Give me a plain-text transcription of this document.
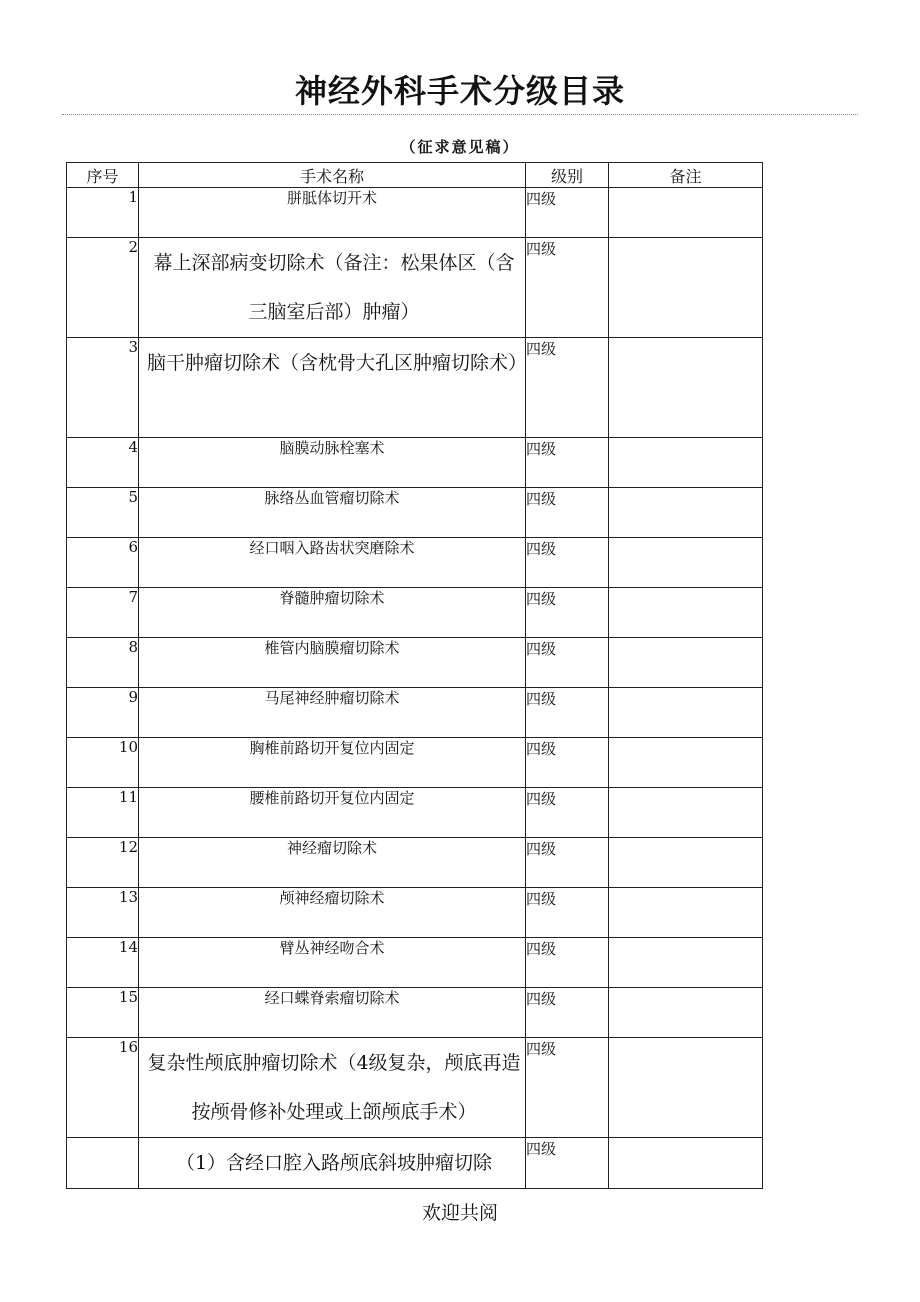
神经外科手术分级目录
（征求意见稿）
序号	手术名称	级别	备注
1	胼胝体切开术	四级	
2	幕上深部病变切除术（备注：松果体区（含三脑室后部）肿瘤）	四级	
3	脑干肿瘤切除术（含枕骨大孔区肿瘤切除术）	四级	
4	脑膜动脉栓塞术	四级	
5	脉络丛血管瘤切除术	四级	
6	经口咽入路齿状突磨除术	四级	
7	脊髓肿瘤切除术	四级	
8	椎管内脑膜瘤切除术	四级	
9	马尾神经肿瘤切除术	四级	
10	胸椎前路切开复位内固定	四级	
11	腰椎前路切开复位内固定	四级	
12	神经瘤切除术	四级	
13	颅神经瘤切除术	四级	
14	臂丛神经吻合术	四级	
15	经口蝶脊索瘤切除术	四级	
16	复杂性颅底肿瘤切除术（4级复杂，颅底再造按颅骨修补处理或上颌颅底手术）	四级	
	（1）含经口腔入路颅底斜坡肿瘤切除	四级	
欢迎共阅
